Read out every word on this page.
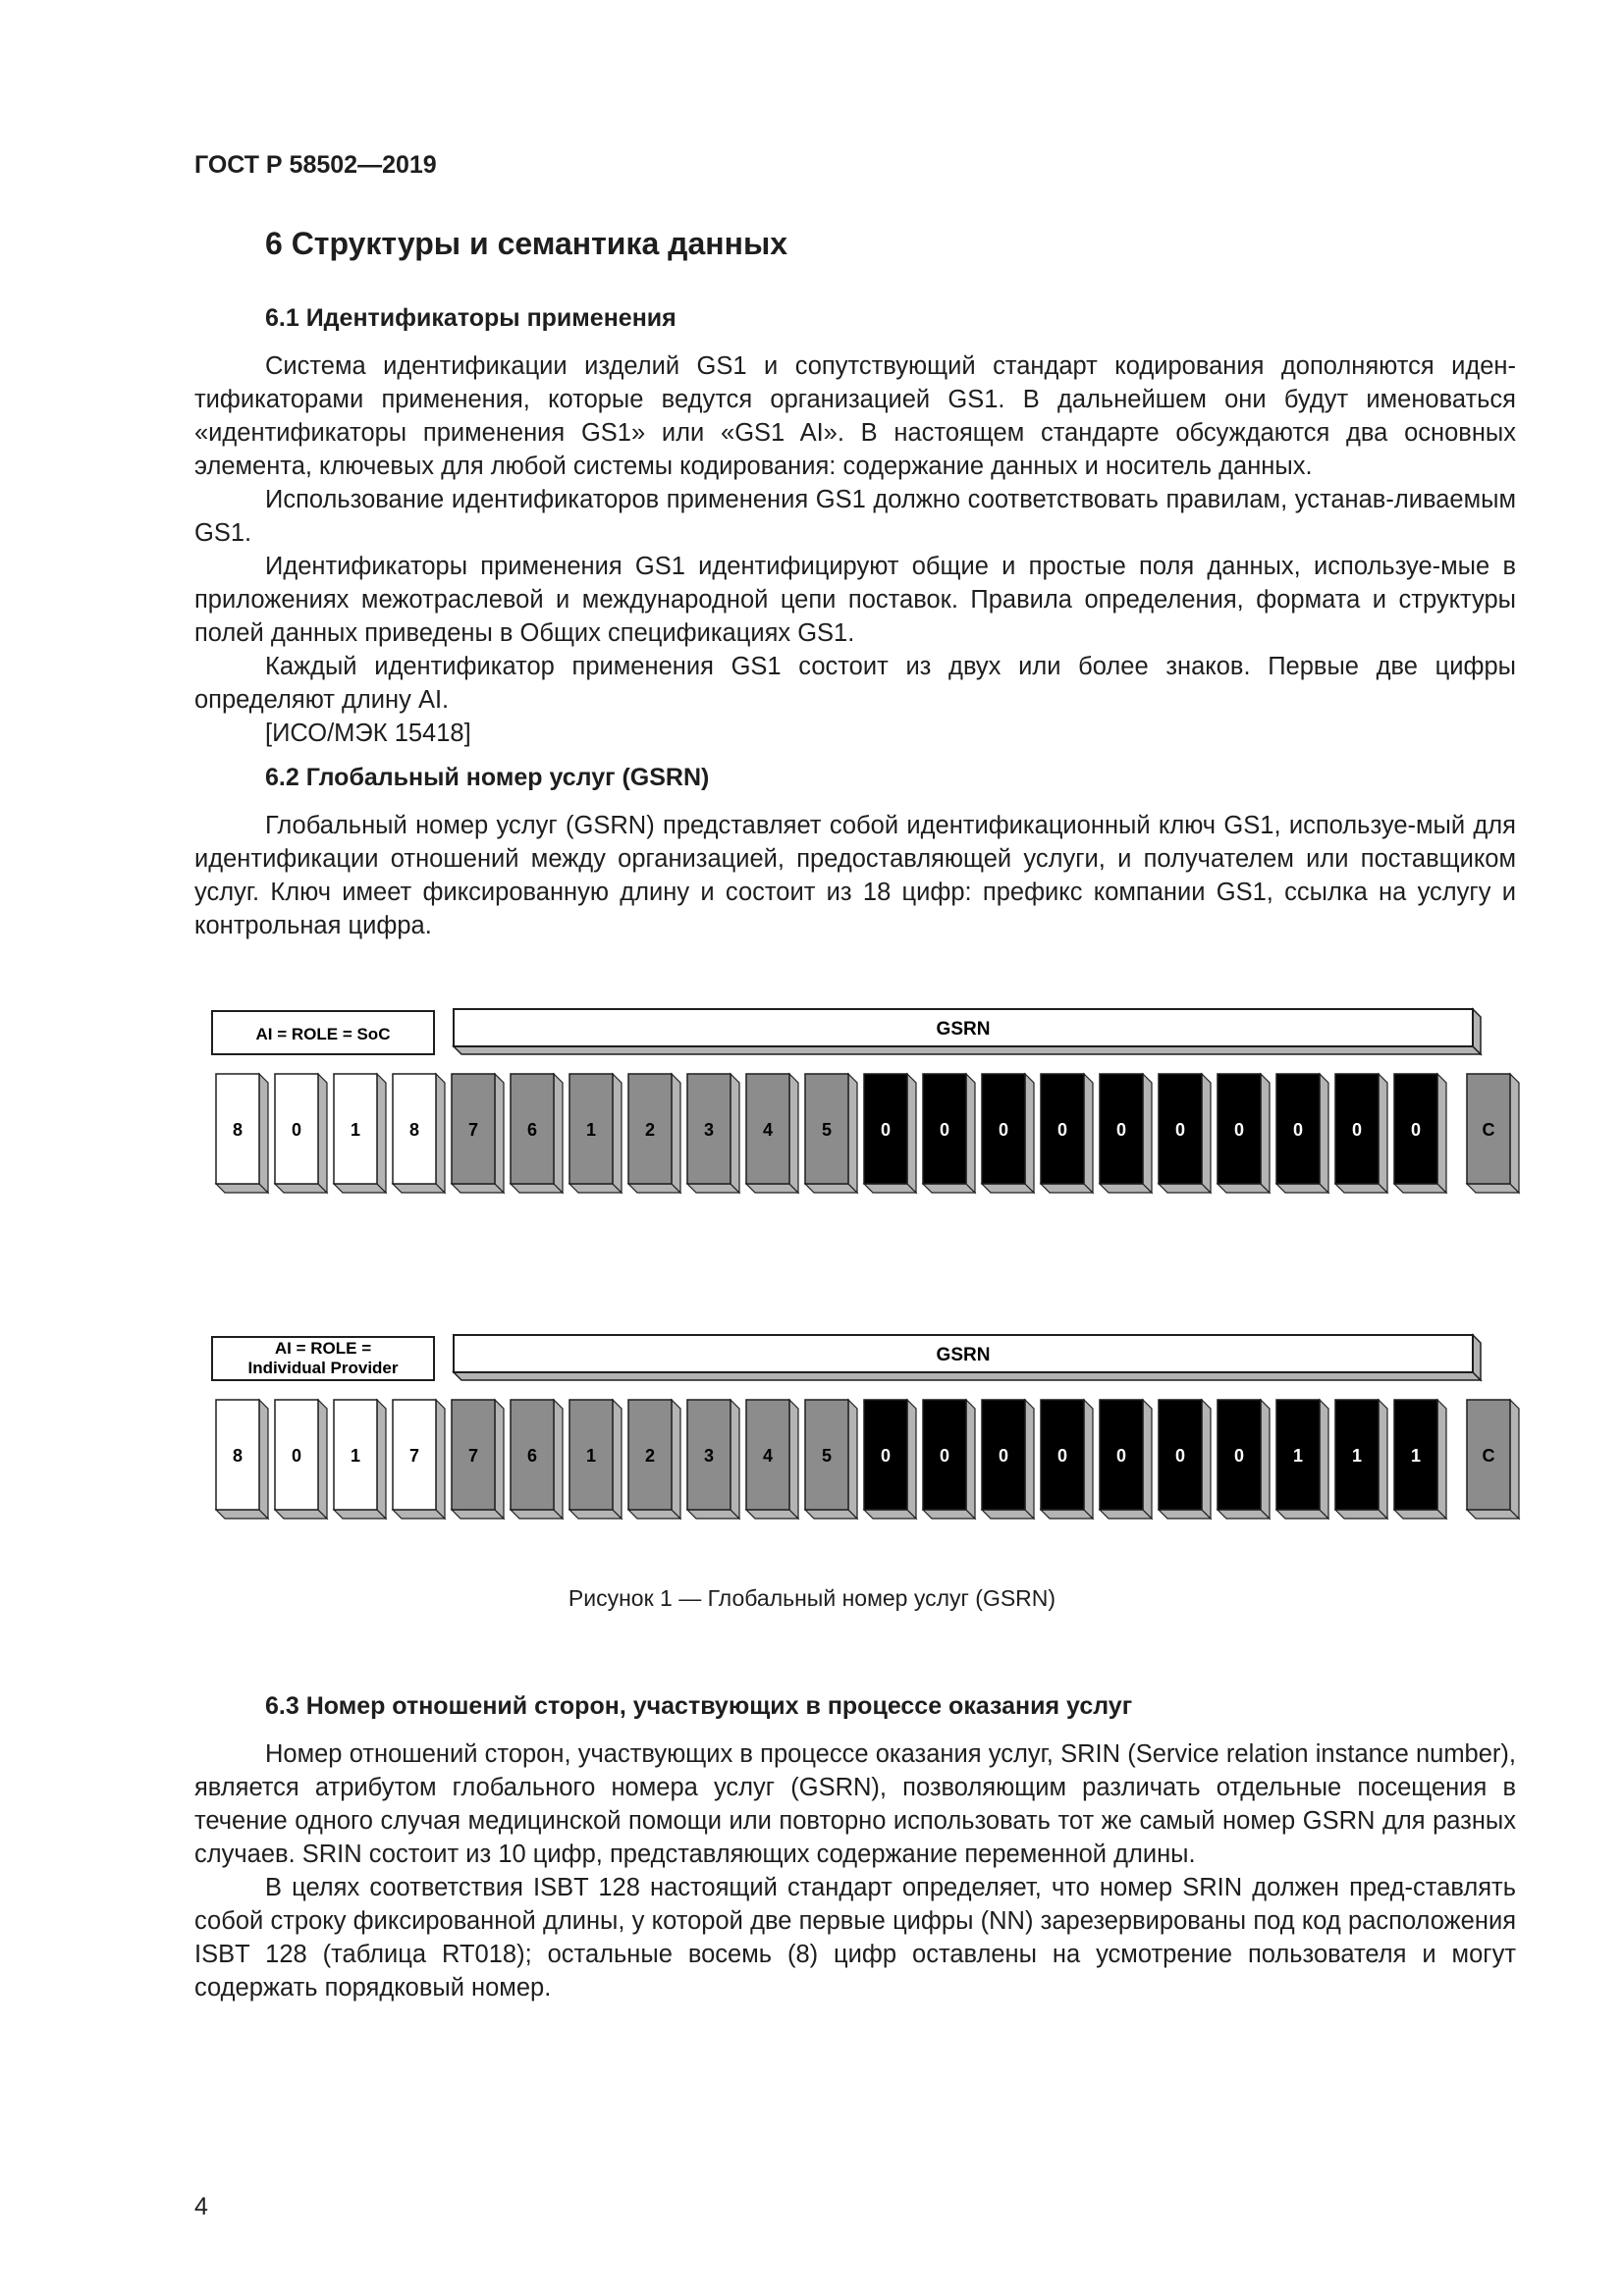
ГОСТ Р 58502—2019
6 Структуры и семантика данных
6.1 Идентификаторы применения

Система идентификации изделий GS1 и сопутствующий стандарт кодирования дополняются иден-тификаторами применения, которые ведутся организацией GS1. В дальнейшем они будут именоваться «идентификаторы применения GS1» или «GS1 AI». В настоящем стандарте обсуждаются два основных элемента, ключевых для любой системы кодирования: содержание данных и носитель данных.

Использование идентификаторов применения GS1 должно соответствовать правилам, устанав-ливаемым GS1.

Идентификаторы применения GS1 идентифицируют общие и простые поля данных, используе-мые в приложениях межотраслевой и международной цепи поставок. Правила определения, формата и структуры полей данных приведены в Общих спецификациях GS1.

Каждый идентификатор применения GS1 состоит из двух или более знаков. Первые две цифры определяют длину AI.

[ИСО/МЭК 15418]

6.2 Глобальный номер услуг (GSRN)

Глобальный номер услуг (GSRN) представляет собой идентификационный ключ GS1, используе-мый для идентификации отношений между организацией, предоставляющей услуги, и получателем или поставщиком услуг. Ключ имеет фиксированную длину и состоит из 18 цифр: префикс компании GS1, ссылка на услугу и контрольная цифра.

AI = ROLE = SoC	GSRN
8	0	1	8	7	6	1	2	3	4	5	0	0	0	0	0	0	0	0	0	0	C
AI = ROLE =
Individual Provider
GSRN
8	0	1	7	7	6	1	2	3	4	5	0	0	0	0	0	0	0	1	1	1	C
Рисунок 1 — Глобальный номер услуг (GSRN)
6.3 Номер отношений сторон, участвующих в процессе оказания услуг

Номер отношений сторон, участвующих в процессе оказания услуг, SRIN (Service relation instance number), является атрибутом глобального номера услуг (GSRN), позволяющим различать отдельные посещения в течение одного случая медицинской помощи или повторно использовать тот же самый номер GSRN для разных случаев. SRIN состоит из 10 цифр, представляющих содержание переменной длины.

В целях соответствия ISBT 128 настоящий стандарт определяет, что номер SRIN должен пред-ставлять собой строку фиксированной длины, у которой две первые цифры (NN) зарезервированы под код расположения ISBT 128 (таблица RT018); остальные восемь (8) цифр оставлены на усмотрение пользователя и могут содержать порядковый номер.

4
